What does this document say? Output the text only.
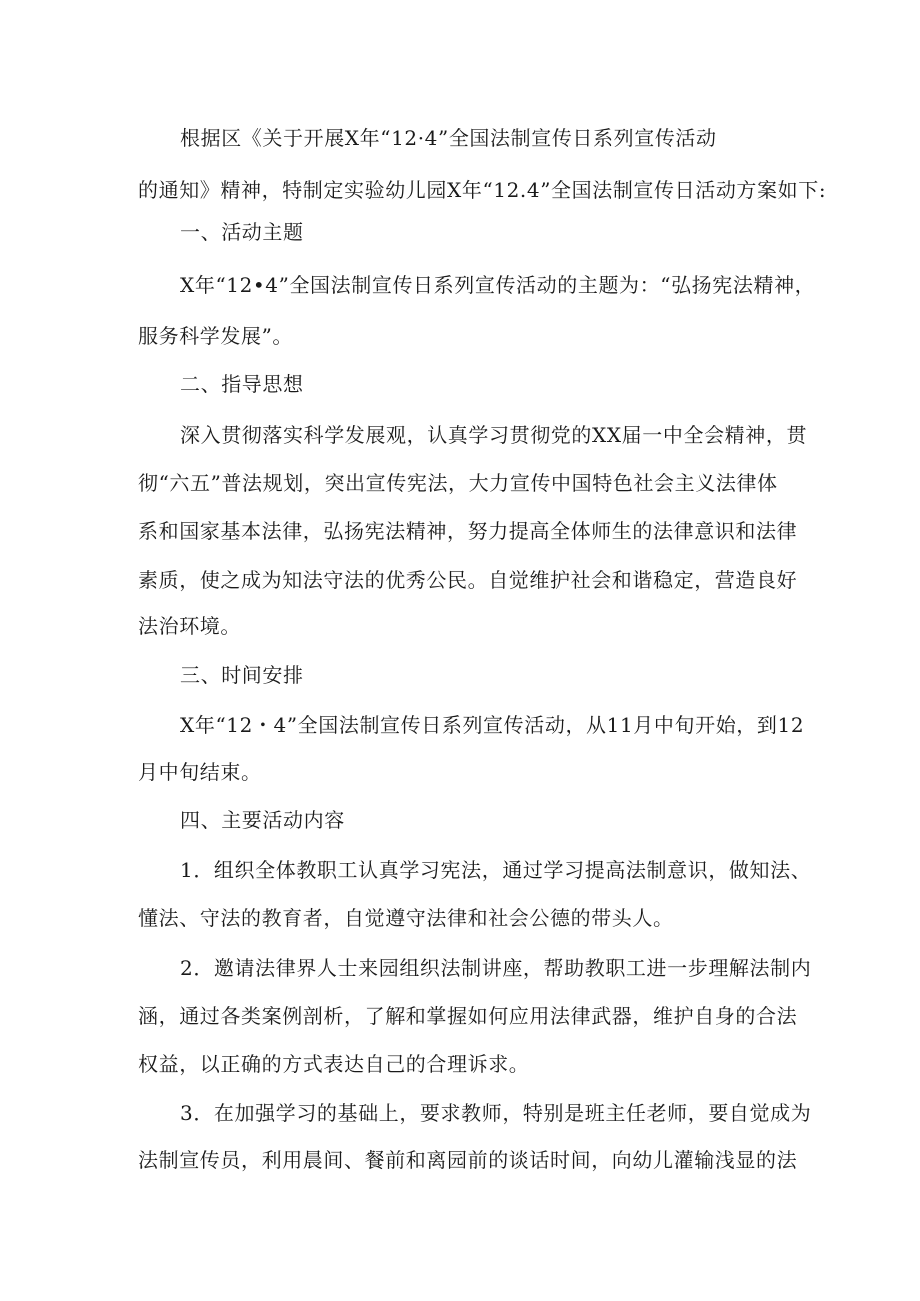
根据区《关于开展X年“12·4”全国法制宣传日系列宣传活动
的通知》精神，特制定实验幼儿园X年“12.4”全国法制宣传日活动方案如下:
一、活动主题
X年“12•4”全国法制宣传日系列宣传活动的主题为：“弘扬宪法精神，
服务科学发展”。
二、指导思想
深入贯彻落实科学发展观，认真学习贯彻党的XX届一中全会精神，贯
彻“六五”普法规划，突出宣传宪法，大力宣传中国特色社会主义法律体
系和国家基本法律，弘扬宪法精神，努力提高全体师生的法律意识和法律
素质，使之成为知法守法的优秀公民。自觉维护社会和谐稳定，营造良好
法治环境。
三、时间安排
X年“12・4”全国法制宣传日系列宣传活动，从11月中旬开始，到12
月中旬结束。
四、主要活动内容
1．组织全体教职工认真学习宪法，通过学习提高法制意识，做知法、
懂法、守法的教育者，自觉遵守法律和社会公德的带头人。
2．邀请法律界人士来园组织法制讲座，帮助教职工进一步理解法制内
涵，通过各类案例剖析，了解和掌握如何应用法律武器，维护自身的合法
权益，以正确的方式表达自己的合理诉求。
3．在加强学习的基础上，要求教师，特别是班主任老师，要自觉成为
法制宣传员，利用晨间、餐前和离园前的谈话时间，向幼儿灌输浅显的法
